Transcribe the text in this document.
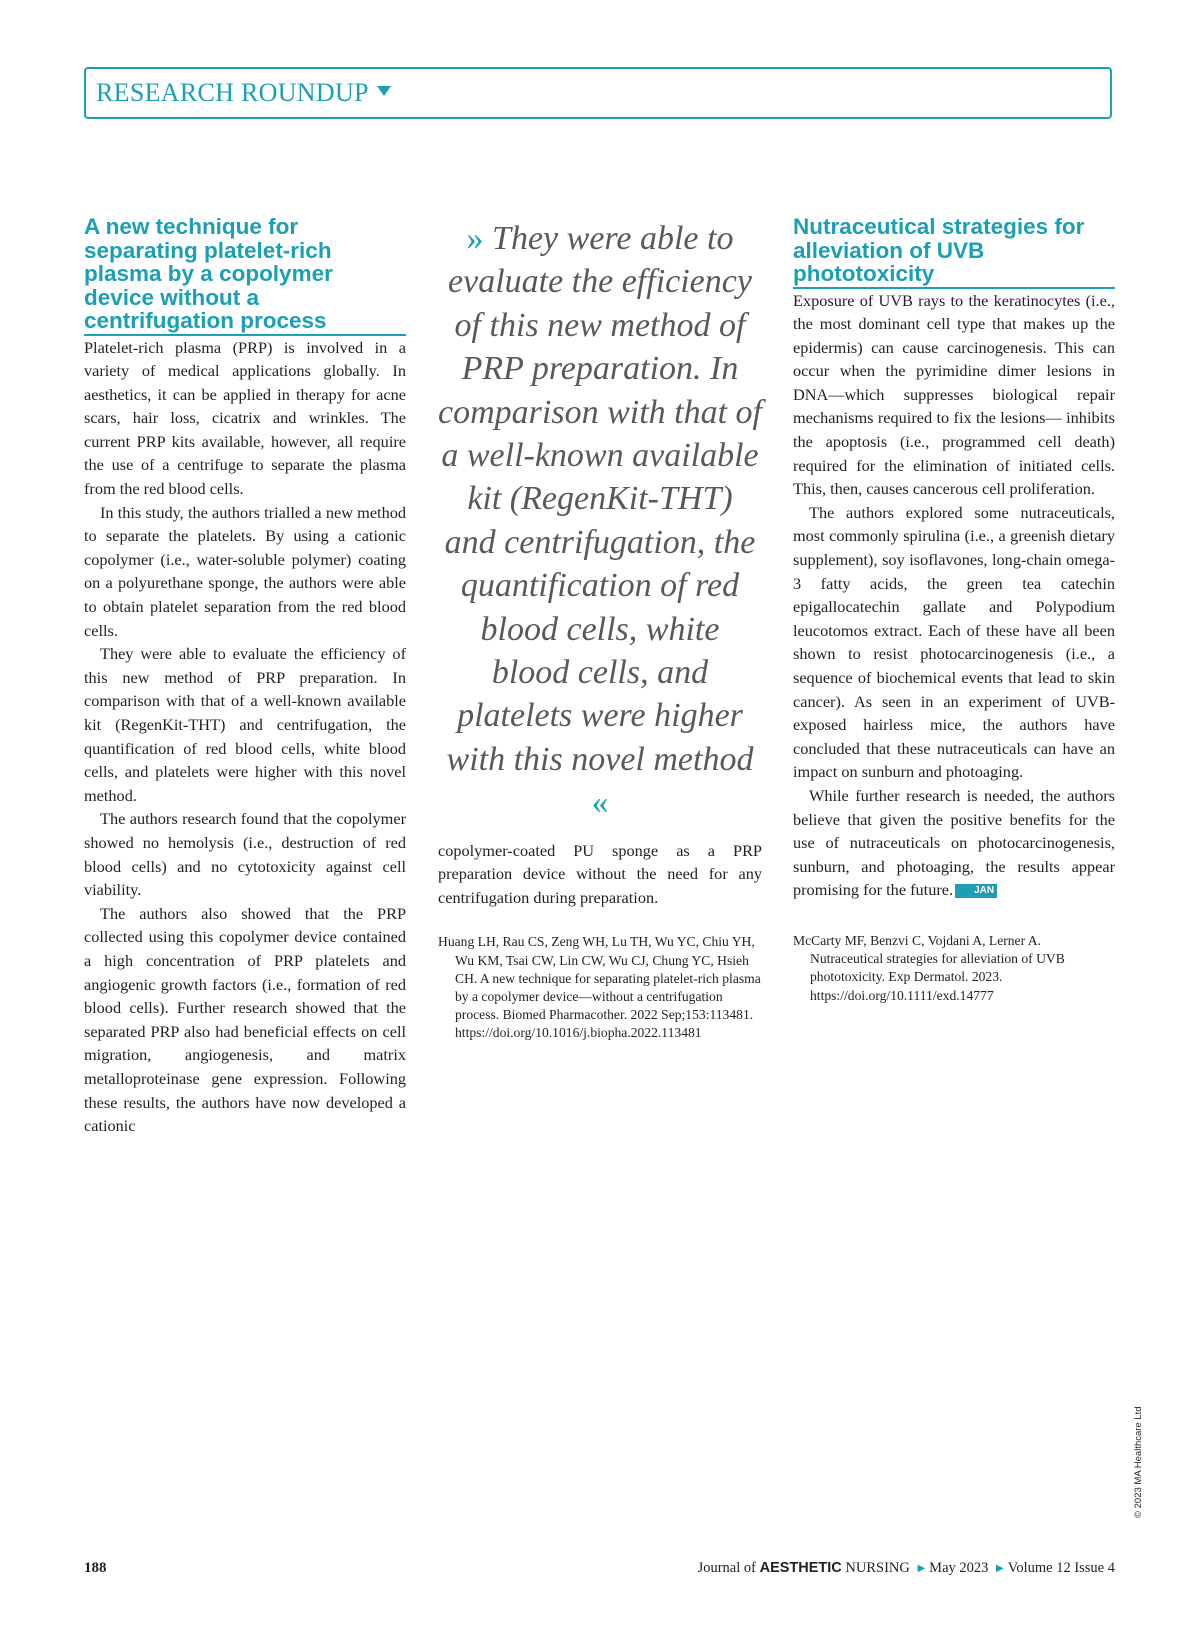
RESEARCH ROUNDUP
A new technique for separating platelet-rich plasma by a copolymer device without a centrifugation process

Platelet-rich plasma (PRP) is involved in a variety of medical applications globally. In aesthetics, it can be applied in therapy for acne scars, hair loss, cicatrix and wrinkles. The current PRP kits available, however, all require the use of a centrifuge to separate the plasma from the red blood cells.

In this study, the authors trialled a new method to separate the platelets. By using a cationic copolymer (i.e., water-soluble polymer) coating on a polyurethane sponge, the authors were able to obtain platelet separation from the red blood cells.

They were able to evaluate the efficiency of this new method of PRP preparation. In comparison with that of a well-known available kit (RegenKit-THT) and centrifugation, the quantification of red blood cells, white blood cells, and platelets were higher with this novel method.

The authors research found that the copolymer showed no hemolysis (i.e., destruction of red blood cells) and no cytotoxicity against cell viability.

The authors also showed that the PRP collected using this copolymer device contained a high concentration of PRP platelets and angiogenic growth factors (i.e., formation of red blood cells). Further research showed that the separated PRP also had beneficial effects on cell migration, angiogenesis, and matrix metalloproteinase gene expression. Following these results, the authors have now developed a cationic

» They were able to evaluate the efficiency of this new method of PRP preparation. In comparison with that of a well-known available kit (RegenKit-THT) and centrifugation, the quantification of red blood cells, white blood cells, and platelets were higher with this novel method «

copolymer-coated PU sponge as a PRP preparation device without the need for any centrifugation during preparation.

Huang LH, Rau CS, Zeng WH, Lu TH, Wu YC, Chiu YH, Wu KM, Tsai CW, Lin CW, Wu CJ, Chung YC, Hsieh CH. A new technique for separating platelet-rich plasma by a copolymer device—without a centrifugation process. Biomed Pharmacother. 2022 Sep;153:113481. https://doi.org/10.1016/j.biopha.2022.113481

Nutraceutical strategies for alleviation of UVB phototoxicity

Exposure of UVB rays to the keratinocytes (i.e., the most dominant cell type that makes up the epidermis) can cause carcinogenesis. This can occur when the pyrimidine dimer lesions in DNA—which suppresses biological repair mechanisms required to fix the lesions— inhibits the apoptosis (i.e., programmed cell death) required for the elimination of initiated cells. This, then, causes cancerous cell proliferation.

The authors explored some nutraceuticals, most commonly spirulina (i.e., a greenish dietary supplement), soy isoflavones, long-chain omega-3 fatty acids, the green tea catechin epigallocatechin gallate and Polypodium leucotomos extract. Each of these have all been shown to resist photocarcinogenesis (i.e., a sequence of biochemical events that lead to skin cancer). As seen in an experiment of UVB-exposed hairless mice, the authors have concluded that these nutraceuticals can have an impact on sunburn and photoaging.

While further research is needed, the authors believe that given the positive benefits for the use of nutraceuticals on photocarcinogenesis, sunburn, and photoaging, the results appear promising for the future. JAN

McCarty MF, Benzvi C, Vojdani A, Lerner A. Nutraceutical strategies for alleviation of UVB phototoxicity. Exp Dermatol. 2023. https://doi.org/10.1111/exd.14777

© 2023 MA Healthcare Ltd
188	Journal of AESTHETIC NURSING ▶ May 2023 ▶ Volume 12 Issue 4
